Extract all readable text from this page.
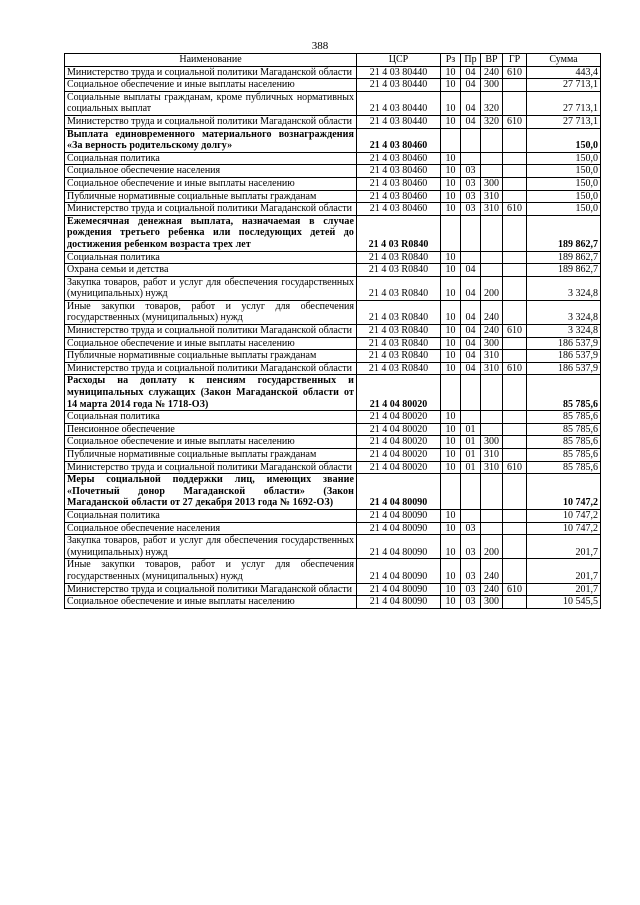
388
Наименование	ЦСР	Рз	Пр	ВР	ГР	Сумма
Министерство труда и социальной политики Магаданской области	21 4 03 80440	10	04	240	610	443,4
Социальное обеспечение и иные выплаты населению	21 4 03 80440	10	04	300		27 713,1
Социальные выплаты гражданам, кроме публичных нормативных социальных выплат	21 4 03 80440	10	04	320		27 713,1
Министерство труда и социальной политики Магаданской области	21 4 03 80440	10	04	320	610	27 713,1
Выплата единовременного материального вознаграждения «За верность родительскому долгу»	21 4 03 80460					150,0
Социальная политика	21 4 03 80460	10				150,0
Социальное обеспечение населения	21 4 03 80460	10	03			150,0
Социальное обеспечение и иные выплаты населению	21 4 03 80460	10	03	300		150,0
Публичные нормативные социальные выплаты гражданам	21 4 03 80460	10	03	310		150,0
Министерство труда и социальной политики Магаданской области	21 4 03 80460	10	03	310	610	150,0
Ежемесячная денежная выплата, назначаемая в случае рождения третьего ребенка или последующих детей до достижения ребенком возраста трех лет	21 4 03 R0840					189 862,7
Социальная политика	21 4 03 R0840	10				189 862,7
Охрана семьи и детства	21 4 03 R0840	10	04			189 862,7
Закупка товаров, работ и услуг для обеспечения государственных (муниципальных) нужд	21 4 03 R0840	10	04	200		3 324,8
Иные закупки товаров, работ и услуг для обеспечения государственных (муниципальных) нужд	21 4 03 R0840	10	04	240		3 324,8
Министерство труда и социальной политики Магаданской области	21 4 03 R0840	10	04	240	610	3 324,8
Социальное обеспечение и иные выплаты населению	21 4 03 R0840	10	04	300		186 537,9
Публичные нормативные социальные выплаты гражданам	21 4 03 R0840	10	04	310		186 537,9
Министерство труда и социальной политики Магаданской области	21 4 03 R0840	10	04	310	610	186 537,9
Расходы на доплату к пенсиям государственных и муниципальных служащих (Закон Магаданской области от 14 марта 2014 года № 1718-ОЗ)	21 4 04 80020					85 785,6
Социальная политика	21 4 04 80020	10				85 785,6
Пенсионное обеспечение	21 4 04 80020	10	01			85 785,6
Социальное обеспечение и иные выплаты населению	21 4 04 80020	10	01	300		85 785,6
Публичные нормативные социальные выплаты гражданам	21 4 04 80020	10	01	310		85 785,6
Министерство труда и социальной политики Магаданской области	21 4 04 80020	10	01	310	610	85 785,6
Меры социальной поддержки лиц, имеющих звание «Почетный донор Магаданской области» (Закон Магаданской области от 27 декабря 2013 года № 1692-ОЗ)	21 4 04 80090					10 747,2
Социальная политика	21 4 04 80090	10				10 747,2
Социальное обеспечение населения	21 4 04 80090	10	03			10 747,2
Закупка товаров, работ и услуг для обеспечения государственных (муниципальных) нужд	21 4 04 80090	10	03	200		201,7
Иные закупки товаров, работ и услуг для обеспечения государственных (муниципальных) нужд	21 4 04 80090	10	03	240		201,7
Министерство труда и социальной политики Магаданской области	21 4 04 80090	10	03	240	610	201,7
Социальное обеспечение и иные выплаты населению	21 4 04 80090	10	03	300		10 545,5
